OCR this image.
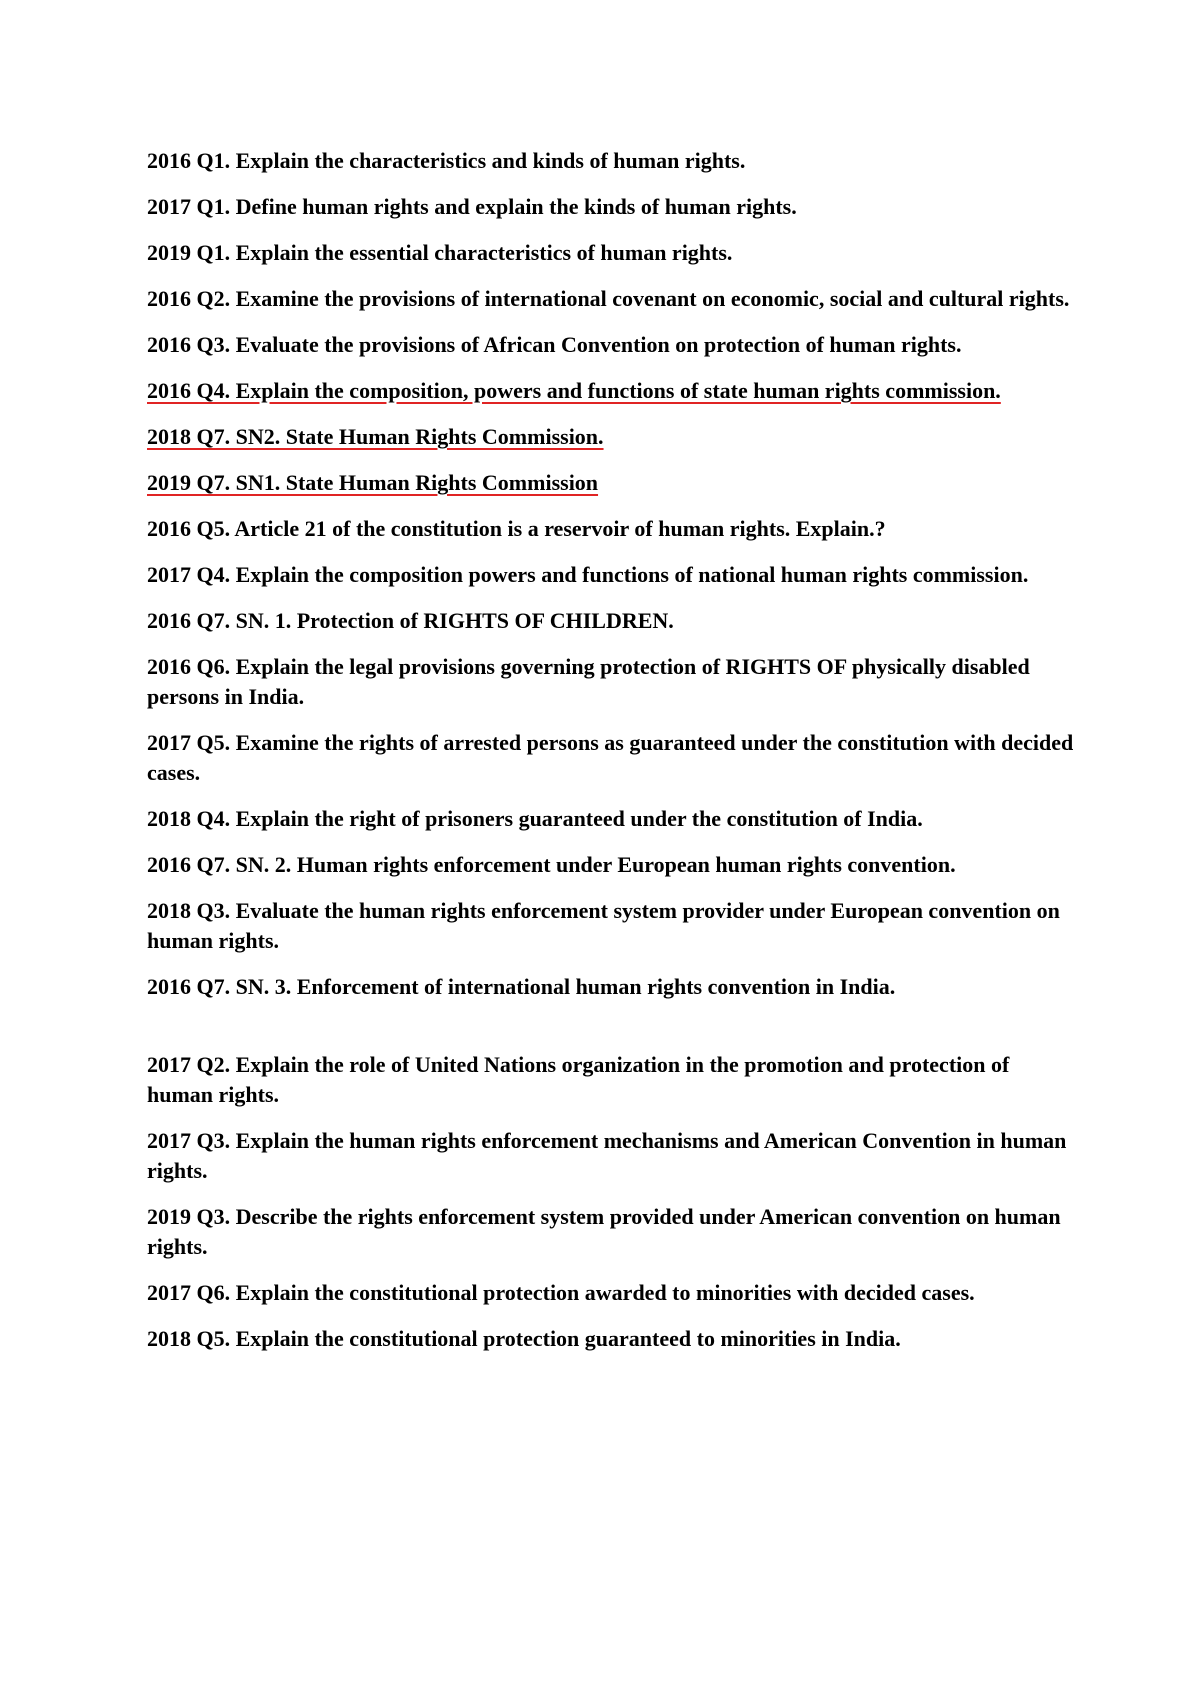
2016 Q1. Explain the characteristics and kinds of human rights.
2017 Q1. Define human rights and explain the kinds of human rights.
2019 Q1. Explain the essential characteristics of human rights.
2016 Q2. Examine the provisions of international covenant on economic, social and cultural rights.
2016 Q3. Evaluate the provisions of African Convention on protection of human rights.
2016 Q4. Explain the composition, powers and functions of state human rights commission.
2018 Q7. SN2. State Human Rights Commission.
2019 Q7. SN1. State Human Rights Commission
2016 Q5. Article 21 of the constitution is a reservoir of human rights. Explain.?
2017 Q4. Explain the composition powers and functions of national human rights commission.
2016 Q7. SN. 1. Protection of RIGHTS OF CHILDREN.
2016 Q6. Explain the legal provisions governing protection of RIGHTS OF physically disabled persons in India.
2017 Q5. Examine the rights of arrested persons as guaranteed under the constitution with decided cases.
2018 Q4. Explain the right of prisoners guaranteed under the constitution of India.
2016 Q7. SN. 2. Human rights enforcement under European human rights convention.
2018 Q3. Evaluate the human rights enforcement system provider under European convention on human rights.
2016 Q7. SN. 3. Enforcement of international human rights convention in India.
2017 Q2. Explain the role of United Nations organization in the promotion and protection of human rights.
2017 Q3. Explain the human rights enforcement mechanisms and American Convention in human rights.
2019 Q3. Describe the rights enforcement system provided under American convention on human rights.
2017 Q6. Explain the constitutional protection awarded to minorities with decided cases.
2018 Q5. Explain the constitutional protection guaranteed to minorities in India.
